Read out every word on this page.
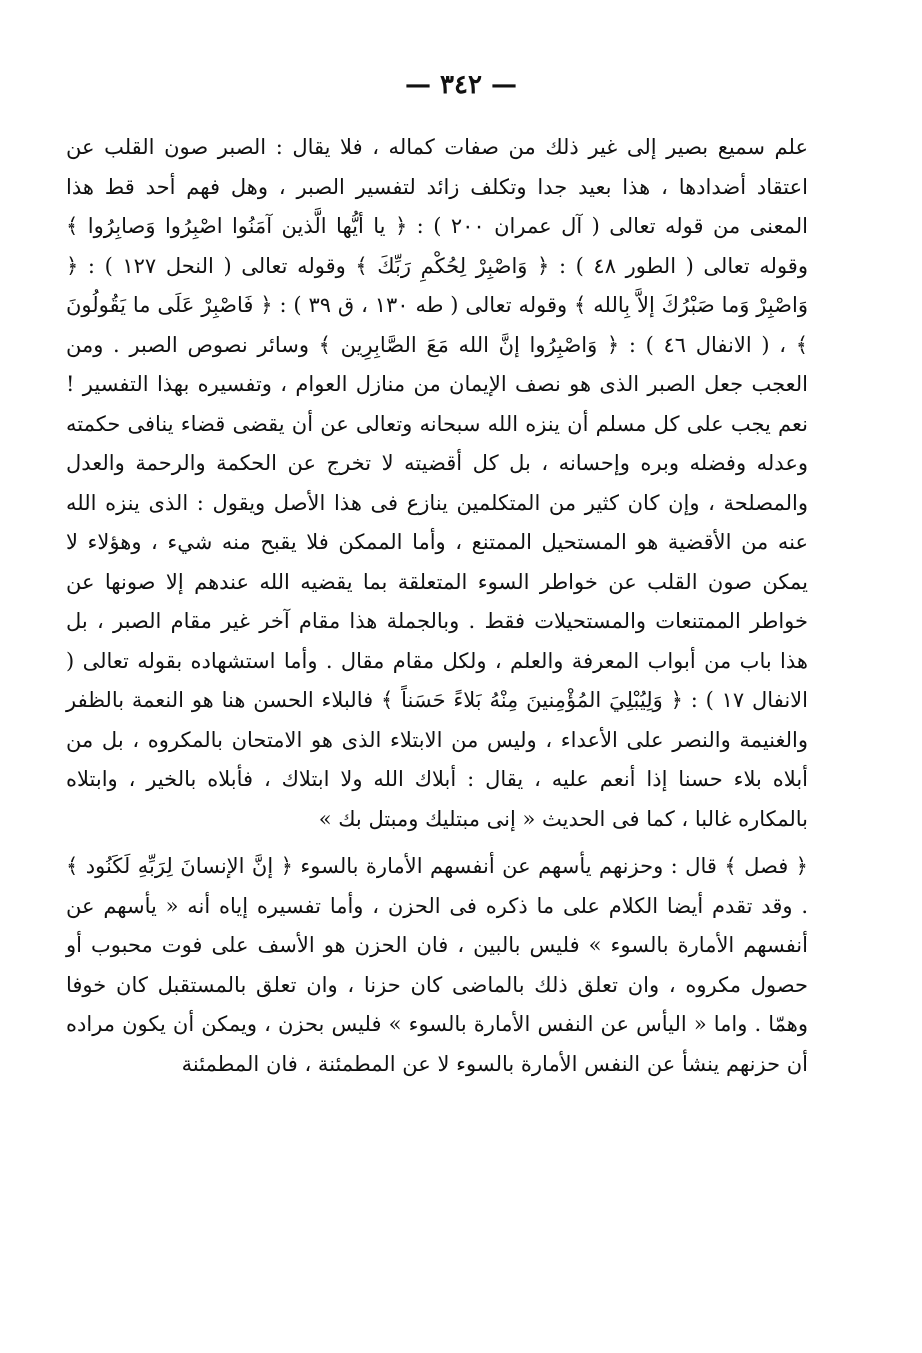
— ٣٤٢ —

علم سميع بصير إلى غير ذلك من صفات كماله ، فلا يقال : الصبر صون القلب عن اعتقاد أضدادها ، هذا بعيد جدا وتكلف زائد لتفسير الصبر ، وهل فهم أحد قط هذا المعنى من قوله تعالى ( آل عمران ٢٠٠ ) : ﴿ يا أيُّها الَّذين آمَنُوا اصْبِرُوا وَصابِرُوا ﴾ وقوله تعالى ( الطور ٤٨ ) : ﴿ وَاصْبِرْ لِحُكْمِ رَبِّكَ ﴾ وقوله تعالى ( النحل ١٢٧ ) : ﴿ وَاصْبِرْ وَما صَبْرُكَ إلاَّ بِالله ﴾ وقوله تعالى ( طه ١٣٠ ، ق ٣٩ ) : ﴿ فَاصْبِرْ عَلَى ما يَقُولُونَ ﴾ ، ( الانفال ٤٦ ) : ﴿ وَاصْبِرُوا إنَّ الله مَعَ الصَّابِرِين ﴾ وسائر نصوص الصبر . ومن العجب جعل الصبر الذى هو نصف الإيمان من منازل العوام ، وتفسيره بهذا التفسير ! نعم يجب على كل مسلم أن ينزه الله سبحانه وتعالى عن أن يقضى قضاء ينافى حكمته وعدله وفضله وبره وإحسانه ، بل كل أقضيته لا تخرج عن الحكمة والرحمة والعدل والمصلحة ، وإن كان كثير من المتكلمين ينازع فى هذا الأصل ويقول : الذى ينزه الله عنه من الأقضية هو المستحيل الممتنع ، وأما الممكن فلا يقبح منه شيء ، وهؤلاء لا يمكن صون القلب عن خواطر السوء المتعلقة بما يقضيه الله عندهم إلا صونها عن خواطر الممتنعات والمستحيلات فقط . وبالجملة هذا مقام آخر غير مقام الصبر ، بل هذا باب من أبواب المعرفة والعلم ، ولكل مقام مقال . وأما استشهاده بقوله تعالى ( الانفال ١٧ ) : ﴿ وَلِيُبْلِيَ المُؤْمِنينَ مِنْهُ بَلاءً حَسَناً ﴾ فالبلاء الحسن هنا هو النعمة بالظفر والغنيمة والنصر على الأعداء ، وليس من الابتلاء الذى هو الامتحان بالمكروه ، بل من أبلاه بلاء حسنا إذا أنعم عليه ، يقال : أبلاك الله ولا ابتلاك ، فأبلاه بالخير ، وابتلاه بالمكاره غالبا ، كما فى الحديث « إنى مبتليك ومبتل بك »

﴿ فصل ﴾ قال : وحزنهم يأسهم عن أنفسهم الأمارة بالسوء ﴿ إنَّ الإنسانَ لِرَبِّهِ لَكَنُود ﴾ . وقد تقدم أيضا الكلام على ما ذكره فى الحزن ، وأما تفسيره إياه أنه « يأسهم عن أنفسهم الأمارة بالسوء » فليس بالبين ، فان الحزن هو الأسف على فوت محبوب أو حصول مكروه ، وان تعلق ذلك بالماضى كان حزنا ، وان تعلق بالمستقبل كان خوفا وهمّا . واما « اليأس عن النفس الأمارة بالسوء » فليس بحزن ، ويمكن أن يكون مراده أن حزنهم ينشأ عن النفس الأمارة بالسوء لا عن المطمئنة ، فان المطمئنة
